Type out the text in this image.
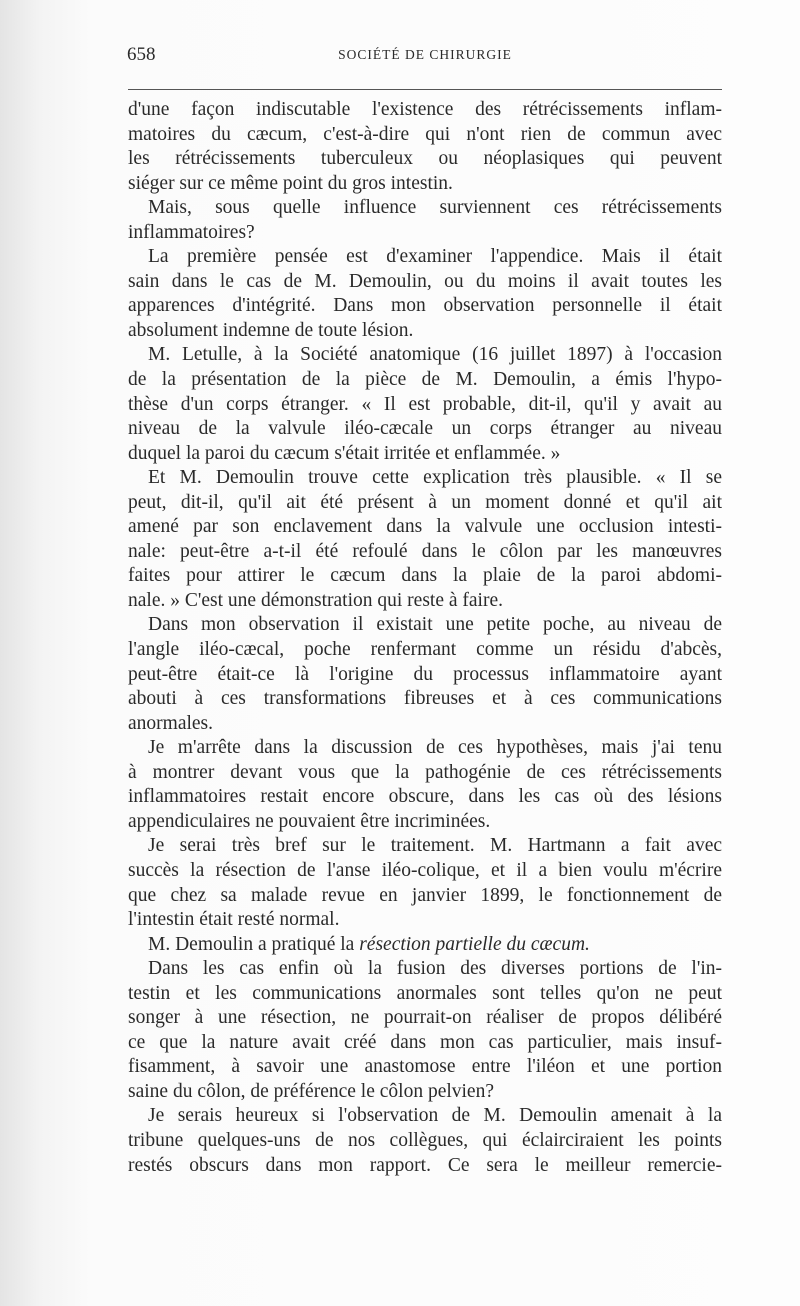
658	SOCIÉTÉ DE CHIRURGIE
d'une façon indiscutable l'existence des rétrécissements inflam-
matoires du cæcum, c'est-à-dire qui n'ont rien de commun avec
les rétrécissements tuberculeux ou néoplasiques qui peuvent
siéger sur ce même point du gros intestin.
Mais, sous quelle influence surviennent ces rétrécissements
inflammatoires?
La première pensée est d'examiner l'appendice. Mais il était
sain dans le cas de M. Demoulin, ou du moins il avait toutes les
apparences d'intégrité. Dans mon observation personnelle il était
absolument indemne de toute lésion.
M. Letulle, à la Société anatomique (16 juillet 1897) à l'occasion
de la présentation de la pièce de M. Demoulin, a émis l'hypo-
thèse d'un corps étranger. « Il est probable, dit-il, qu'il y avait au
niveau de la valvule iléo-cæcale un corps étranger au niveau
duquel la paroi du cæcum s'était irritée et enflammée. »
Et M. Demoulin trouve cette explication très plausible. « Il se
peut, dit-il, qu'il ait été présent à un moment donné et qu'il ait
amené par son enclavement dans la valvule une occlusion intesti-
nale: peut-être a-t-il été refoulé dans le côlon par les manœuvres
faites pour attirer le cæcum dans la plaie de la paroi abdomi-
nale. » C'est une démonstration qui reste à faire.
Dans mon observation il existait une petite poche, au niveau de
l'angle iléo-cæcal, poche renfermant comme un résidu d'abcès,
peut-être était-ce là l'origine du processus inflammatoire ayant
abouti à ces transformations fibreuses et à ces communications
anormales.
Je m'arrête dans la discussion de ces hypothèses, mais j'ai tenu
à montrer devant vous que la pathogénie de ces rétrécissements
inflammatoires restait encore obscure, dans les cas où des lésions
appendiculaires ne pouvaient être incriminées.
Je serai très bref sur le traitement. M. Hartmann a fait avec
succès la résection de l'anse iléo-colique, et il a bien voulu m'écrire
que chez sa malade revue en janvier 1899, le fonctionnement de
l'intestin était resté normal.
M. Demoulin a pratiqué la résection partielle du cæcum.
Dans les cas enfin où la fusion des diverses portions de l'in-
testin et les communications anormales sont telles qu'on ne peut
songer à une résection, ne pourrait-on réaliser de propos délibéré
ce que la nature avait créé dans mon cas particulier, mais insuf-
fisamment, à savoir une anastomose entre l'iléon et une portion
saine du côlon, de préférence le côlon pelvien?
Je serais heureux si l'observation de M. Demoulin amenait à la
tribune quelques-uns de nos collègues, qui éclairciraient les points
restés obscurs dans mon rapport. Ce sera le meilleur remercie-
